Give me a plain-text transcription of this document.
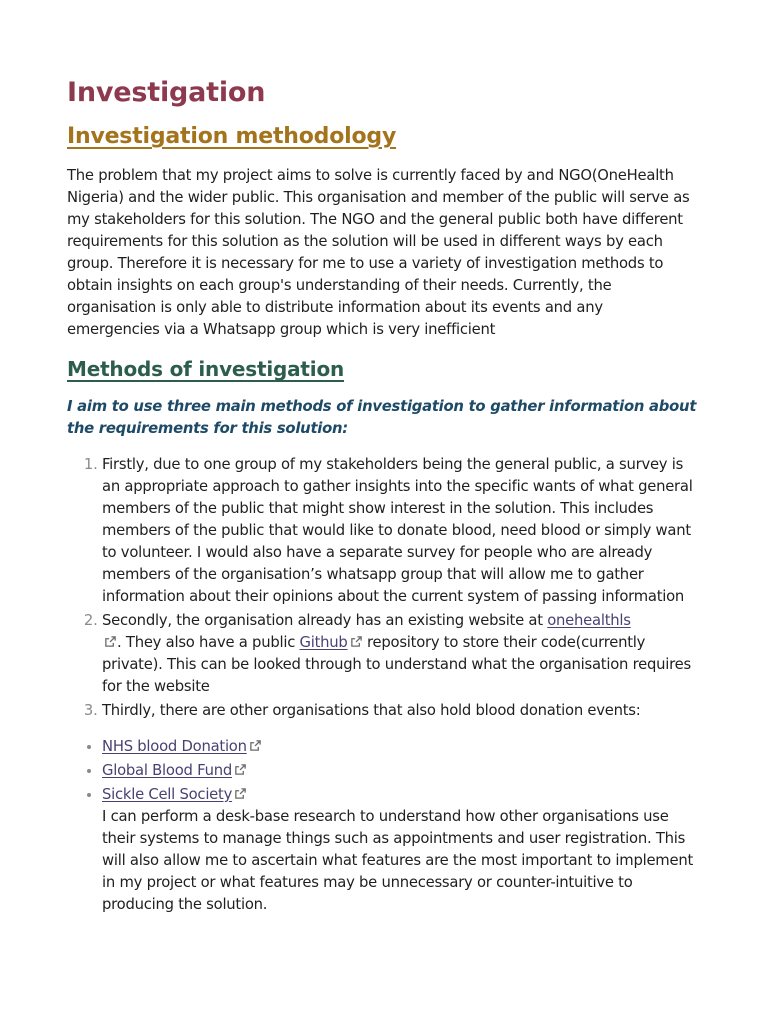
Investigation
Investigation methodology

The problem that my project aims to solve is currently faced by and NGO(OneHealth Nigeria) and the wider public. This organisation and member of the public will serve as my stakeholders for this solution. The NGO and the general public both have different requirements for this solution as the solution will be used in different ways by each group. Therefore it is necessary for me to use a variety of investigation methods to obtain insights on each group's understanding of their needs. Currently, the organisation is only able to distribute information about its events and any emergencies via a Whatsapp group which is very inefficient

Methods of investigation

I aim to use three main methods of investigation to gather information about the requirements for this solution:

1. Firstly, due to one group of my stakeholders being the general public, a survey is an appropriate approach to gather insights into the specific wants of what general members of the public that might show interest in the solution. This includes members of the public that would like to donate blood, need blood or simply want to volunteer. I would also have a separate survey for people who are already members of the organisation’s whatsapp group that will allow me to gather information about their opinions about the current system of passing information
2. Secondly, the organisation already has an existing website at onehealthls

. They also have a public Github
repository to store their code(currently private). This can be looked through to understand what the organisation requires for the website
3. Thirdly, there are other organisations that also hold blood donation events:
• NHS blood Donation
• Global Blood Fund
• Sickle Cell Society

I can perform a desk-base research to understand how other organisations use their systems to manage things such as appointments and user registration. This will also allow me to ascertain what features are the most important to implement in my project or what features may be unnecessary or counter-intuitive to producing the solution.
